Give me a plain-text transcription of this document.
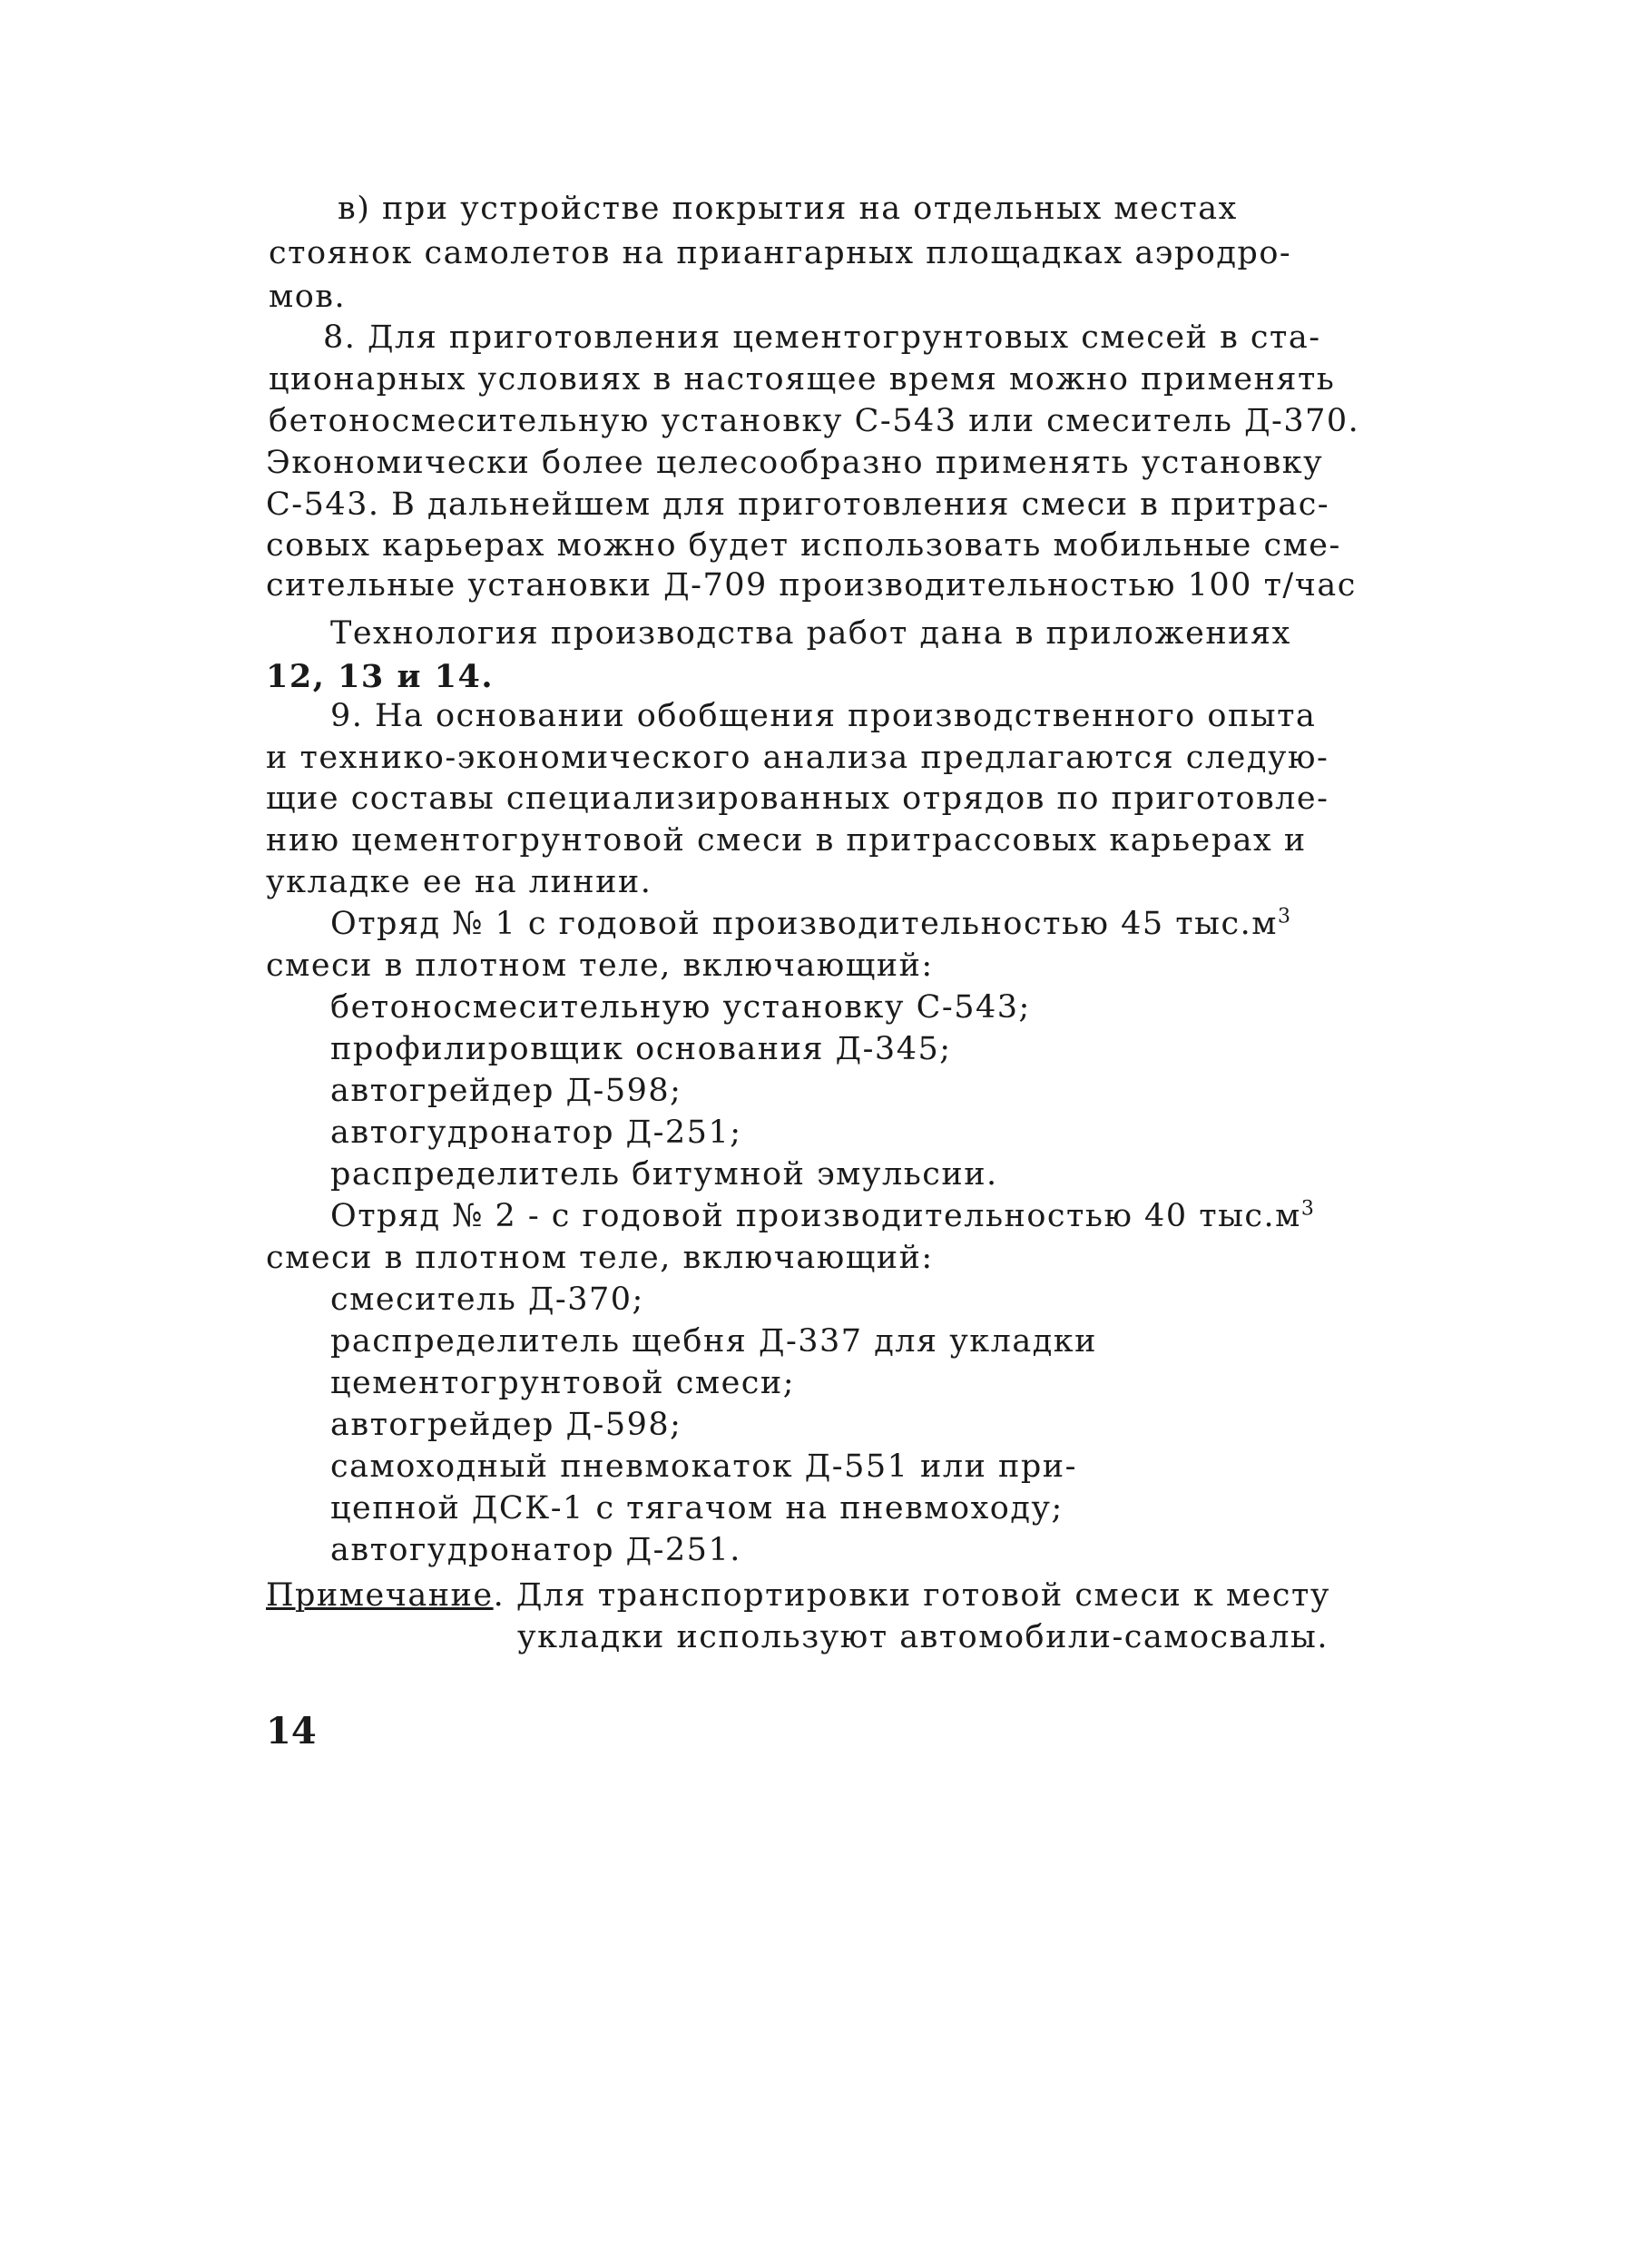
в) при устройстве покрытия на отдельных местах
стоянок самолетов на приангарных площадках аэродро-
мов.
8. Для приготовления цементогрунтовых смесей в ста-
ционарных условиях в настоящее время можно применять
бетоносмесительную установку С-543 или смеситель Д-370.
Экономически более целесообразно применять установку
С-543. В дальнейшем для приготовления смеси в притрас-
совых карьерах можно будет использовать мобильные сме-
сительные установки Д-709 производительностью 100 т/час
Технология производства работ дана в приложениях
12, 13 и 14.
9. На основании обобщения производственного опыта
и технико-экономического анализа предлагаются следую-
щие составы специализированных отрядов по приготовле-
нию цементогрунтовой смеси в притрассовых карьерах и
укладке ее на линии.
Отряд № 1 с годовой производительностью 45 $тыс.м^3$
смеси в плотном теле, включающий:
бетоносмесительную установку С-543;
профилировщик основания Д-345;
автогрейдер Д-598;
автогудронатор Д-251;
распределитель битумной эмульсии.
Отряд № 2 - с годовой производительностью 40 $тыс.м^3$
смеси в плотном теле, включающий:
смеситель Д-370;
распределитель щебня Д-337 для укладки
цементогрунтовой смеси;
автогрейдер Д-598;
самоходный пневмокаток Д-551 или при-
цепной ДСК-1 с тягачом на пневмоходу;
автогудронатор Д-251.
Примечание. Для транспортировки готовой смеси к месту
укладки используют автомобили-самосвалы.
14
